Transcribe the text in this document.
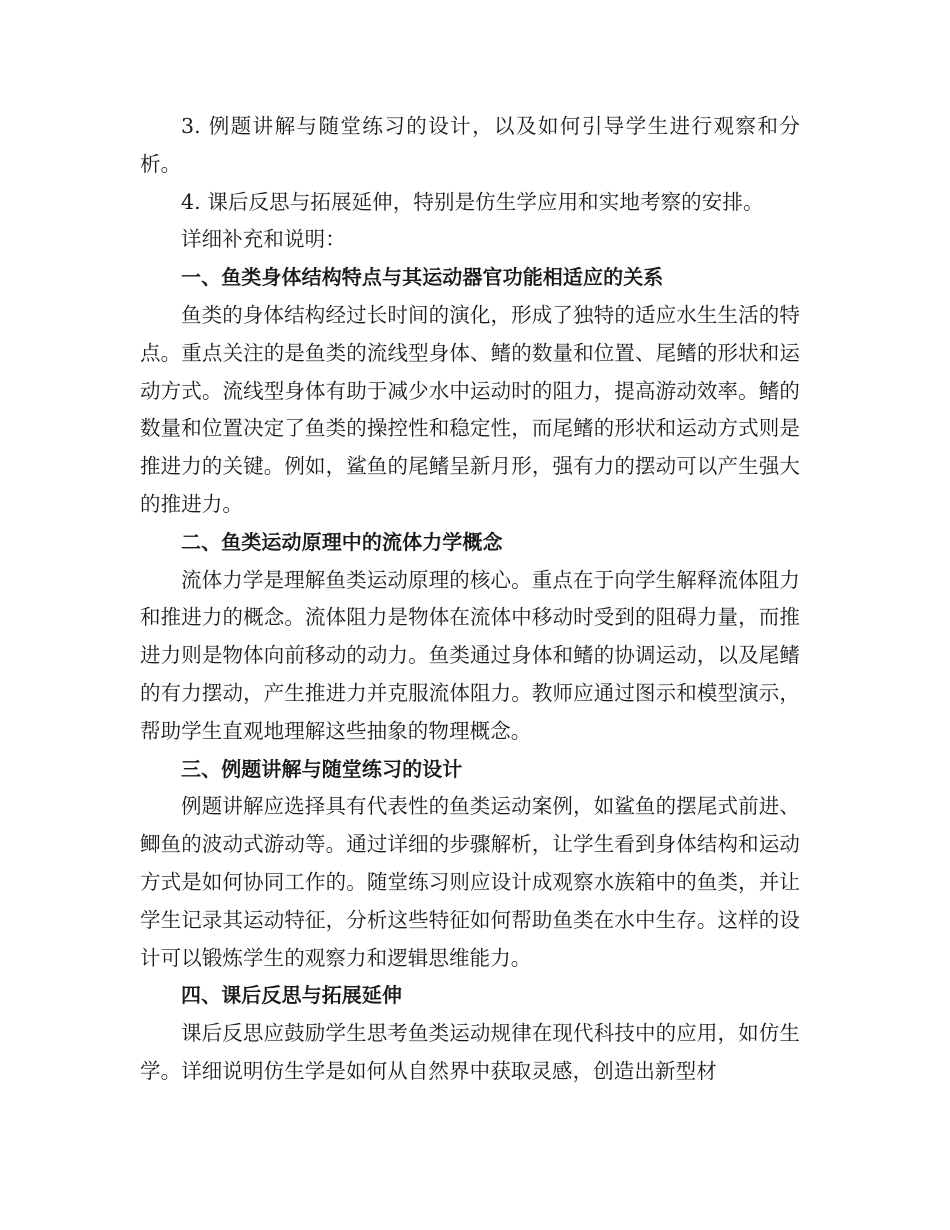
3. 例题讲解与随堂练习的设计，以及如何引导学生进行观察和分析。

4. 课后反思与拓展延伸，特别是仿生学应用和实地考察的安排。

详细补充和说明：

一、鱼类身体结构特点与其运动器官功能相适应的关系

鱼类的身体结构经过长时间的演化，形成了独特的适应水生生活的特点。重点关注的是鱼类的流线型身体、鳍的数量和位置、尾鳍的形状和运动方式。流线型身体有助于减少水中运动时的阻力，提高游动效率。鳍的数量和位置决定了鱼类的操控性和稳定性，而尾鳍的形状和运动方式则是推进力的关键。例如，鲨鱼的尾鳍呈新月形，强有力的摆动可以产生强大的推进力。

二、鱼类运动原理中的流体力学概念

流体力学是理解鱼类运动原理的核心。重点在于向学生解释流体阻力和推进力的概念。流体阻力是物体在流体中移动时受到的阻碍力量，而推进力则是物体向前移动的动力。鱼类通过身体和鳍的协调运动，以及尾鳍的有力摆动，产生推进力并克服流体阻力。教师应通过图示和模型演示，帮助学生直观地理解这些抽象的物理概念。

三、例题讲解与随堂练习的设计

例题讲解应选择具有代表性的鱼类运动案例，如鲨鱼的摆尾式前进、鲫鱼的波动式游动等。通过详细的步骤解析，让学生看到身体结构和运动方式是如何协同工作的。随堂练习则应设计成观察水族箱中的鱼类，并让学生记录其运动特征，分析这些特征如何帮助鱼类在水中生存。这样的设计可以锻炼学生的观察力和逻辑思维能力。

四、课后反思与拓展延伸

课后反思应鼓励学生思考鱼类运动规律在现代科技中的应用，如仿生学。详细说明仿生学是如何从自然界中获取灵感，创造出新型材
